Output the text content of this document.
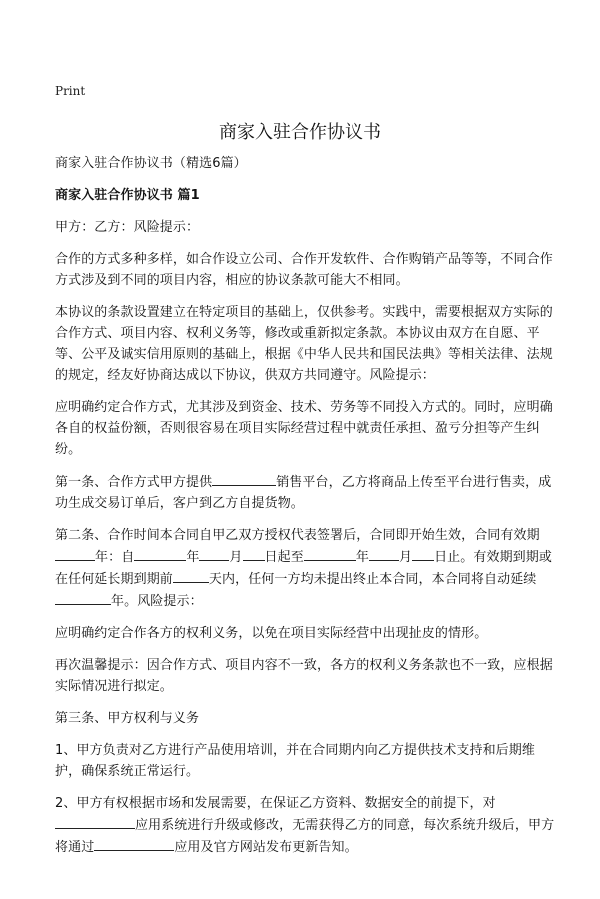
Print
商家入驻合作协议书

商家入驻合作协议书（精选6篇）

商家入驻合作协议书 篇1

甲方：乙方：风险提示：

合作的方式多种多样，如合作设立公司、合作开发软件、合作购销产品等等，不同合作方式涉及到不同的项目内容，相应的协议条款可能大不相同。

本协议的条款设置建立在特定项目的基础上，仅供参考。实践中，需要根据双方实际的合作方式、项目内容、权利义务等，修改或重新拟定条款。本协议由双方在自愿、平等、公平及诚实信用原则的基础上，根据《中华人民共和国民法典》等相关法律、法规的规定，经友好协商达成以下协议，供双方共同遵守。风险提示：

应明确约定合作方式，尤其涉及到资金、技术、劳务等不同投入方式的。同时，应明确各自的权益份额，否则很容易在项目实际经营过程中就责任承担、盈亏分担等产生纠纷。

第一条、合作方式甲方提供	销售平台，乙方将商品上传至平台进行售卖，成功生成交易订单后，客户到乙方自提货物。

第二条、合作时间本合同自甲乙双方授权代表签署后，合同即开始生效，合同有效期年：自	年 月 日起至	年 月 日止。有效期到期或在任何延长期到期前	天内，任何一方均未提出终止本合同，本合同将自动延续年。风险提示：

应明确约定合作各方的权利义务，以免在项目实际经营中出现扯皮的情形。

再次温馨提示：因合作方式、项目内容不一致，各方的权利义务条款也不一致，应根据实际情况进行拟定。

第三条、甲方权利与义务

1、甲方负责对乙方进行产品使用培训，并在合同期内向乙方提供技术支持和后期维护，确保系统正常运行。

2、甲方有权根据市场和发展需要，在保证乙方资料、数据安全的前提下，对应用系统进行升级或修改，无需获得乙方的同意，每次系统升级后，甲方将通过	应用及官方网站发布更新告知。
